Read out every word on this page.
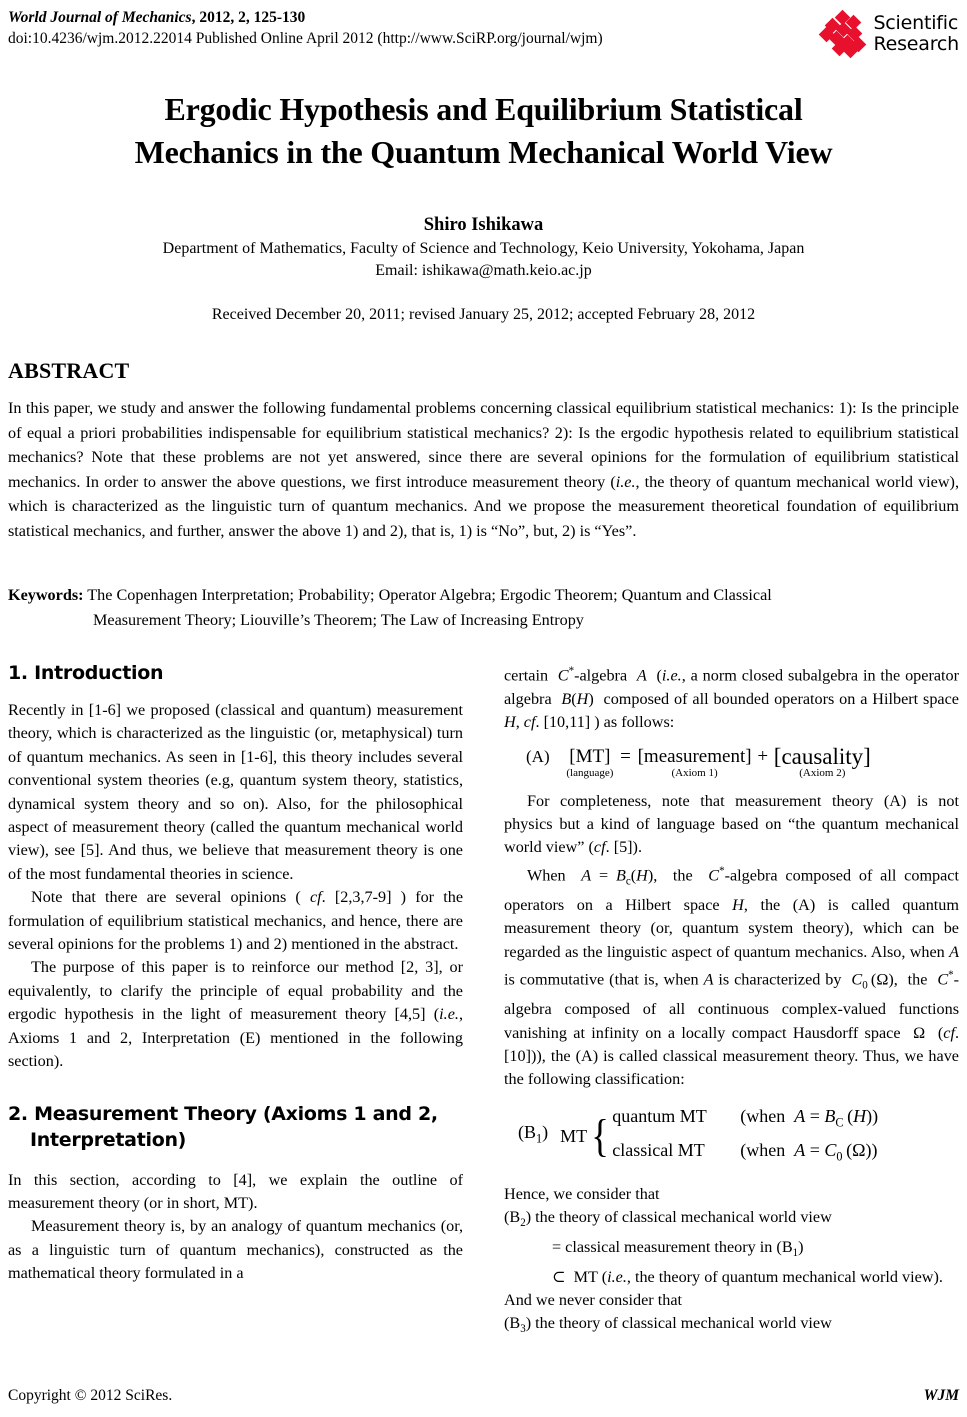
World Journal of Mechanics, 2012, 2, 125-130
doi:10.4236/wjm.2012.22014 Published Online April 2012 (http://www.SciRP.org/journal/wjm)
Scientific
Research
Ergodic Hypothesis and Equilibrium Statistical
Mechanics in the Quantum Mechanical World View
Shiro Ishikawa
Department of Mathematics, Faculty of Science and Technology, Keio University, Yokohama, Japan
Email: ishikawa@math.keio.ac.jp
Received December 20, 2011; revised January 25, 2012; accepted February 28, 2012
ABSTRACT
In this paper, we study and answer the following fundamental problems concerning classical equilibrium statistical mechanics: 1): Is the principle of equal a priori probabilities indispensable for equilibrium statistical mechanics? 2): Is the ergodic hypothesis related to equilibrium statistical mechanics? Note that these problems are not yet answered, since there are several opinions for the formulation of equilibrium statistical mechanics. In order to answer the above questions, we first introduce measurement theory (i.e., the theory of quantum mechanical world view), which is characterized as the linguistic turn of quantum mechanics. And we propose the measurement theoretical foundation of equilibrium statistical mechanics, and further, answer the above 1) and 2), that is, 1) is “No”, but, 2) is “Yes”.
Keywords: The Copenhagen Interpretation; Probability; Operator Algebra; Ergodic Theorem; Quantum and Classical
Measurement Theory; Liouville’s Theorem; The Law of Increasing Entropy
1. Introduction

Recently in [1-6] we proposed (classical and quantum) measurement theory, which is characterized as the linguistic (or, metaphysical) turn of quantum mechanics. As seen in [1-6], this theory includes several conventional system theories (e.g, quantum system theory, statistics, dynamical system theory and so on). Also, for the philosophical aspect of measurement theory (called the quantum mechanical world view), see [5]. And thus, we believe that measurement theory is one of the most fundamental theories in science.

Note that there are several opinions ( cf. [2,3,7-9] ) for the formulation of equilibrium statistical mechanics, and hence, there are several opinions for the problems 1) and 2) mentioned in the abstract.

The purpose of this paper is to reinforce our method [2, 3], or equivalently, to clarify the principle of equal probability and the ergodic hypothesis in the light of measurement theory [4,5] (i.e., Axioms 1 and 2, Interpretation (E) mentioned in the following section).

2. Measurement Theory (Axioms 1 and 2,
Interpretation)

In this section, according to [4], we explain the outline of measurement theory (or in short, MT).

Measurement theory is, by an analogy of quantum mechanics (or, as a linguistic turn of quantum mechanics), constructed as the mathematical theory formulated in a

certain  C*-algebra  A  (i.e., a norm closed subalgebra in the operator algebra  B(H)  composed of all bounded operators on a Hilbert space H, cf. [10,11] ) as follows:

(A) [MT]
(language)
= [measurement]
(Axiom 1)
+ [causality]
(Axiom 2)

For completeness, note that measurement theory (A) is not physics but a kind of language based on “the quantum mechanical world view” (cf. [5]).

When  $A = B_c(H)$,  the  C*-algebra composed of all compact operators on a Hilbert space H, the (A) is called quantum measurement theory (or, quantum system theory), which can be regarded as the linguistic aspect of quantum mechanics. Also, when A is commutative (that is, when A is characterized by  $C_0$ (Ω),  the  C*-algebra composed of all continuous complex-valued functions vanishing at infinity on a locally compact Hausdorff space  Ω  (cf. [10])), the (A) is called classical measurement theory. Thus, we have the following classification:

$(B_1)$ MT { quantum MT (when  $A = B_C$ (H))
classical MT (when  $A = C_0$ (Ω))

Hence, we consider that

$(B_2)$ the theory of classical mechanical world view

= classical measurement theory in $(B_1)$

⊂  MT (i.e., the theory of quantum mechanical world view).

And we never consider that

$(B_3)$ the theory of classical mechanical world view

Copyright © 2012 SciRes.	WJM
